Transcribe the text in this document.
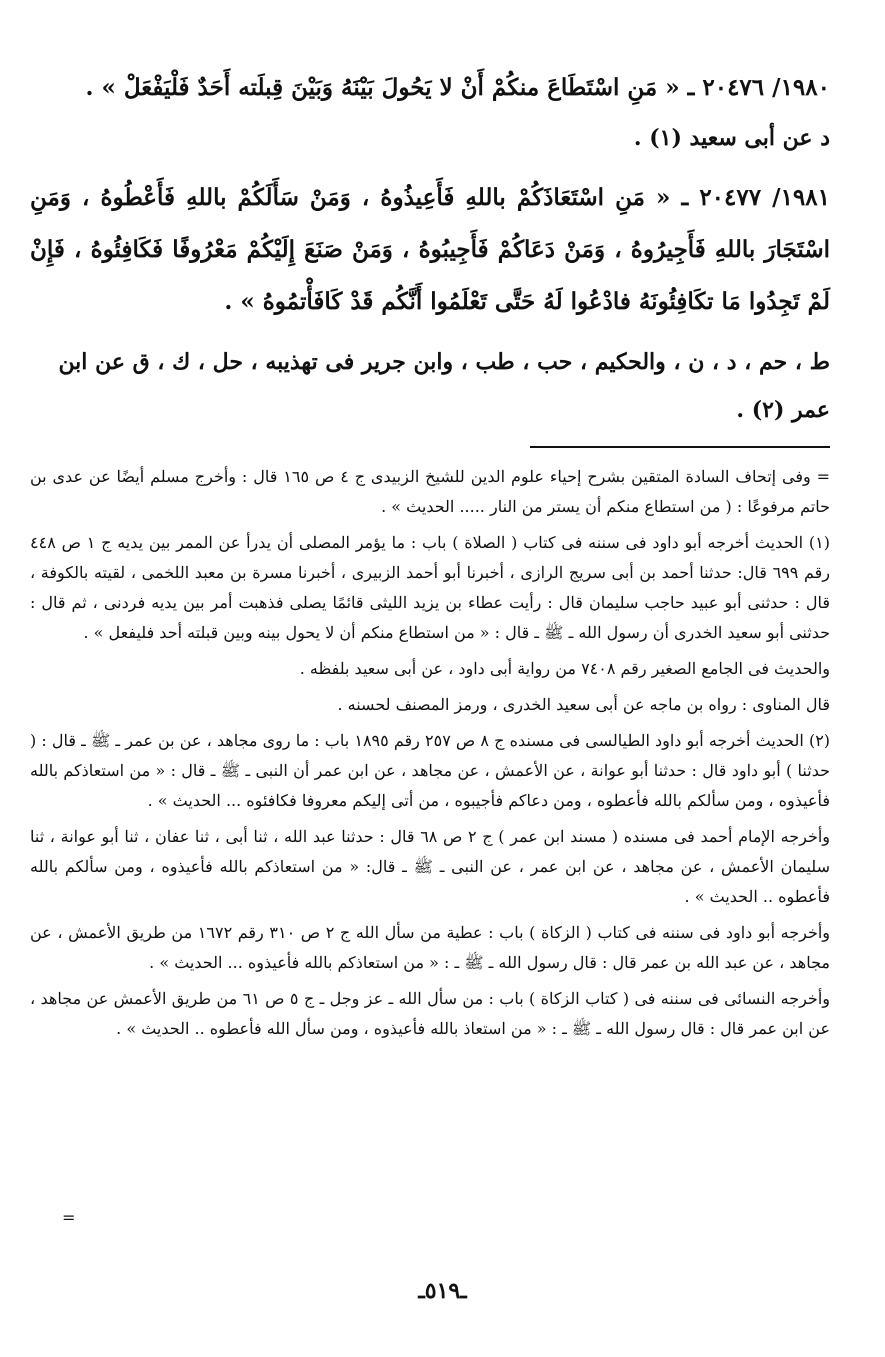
١٩٨٠/ ٢٠٤٧٦ ـ « مَنِ اسْتَطَاعَ منكُمْ أَنْ لا يَحُولَ بَيْنَهُ وَبَيْنَ قِبلَته أَحَدٌ فَلْيَفْعَلْ » .

د عن أبى سعيد (١) .

١٩٨١/ ٢٠٤٧٧ ـ « مَنِ اسْتَعَاذَكُمْ باللهِ فَأَعِيذُوهُ ، وَمَنْ سَأَلَكُمْ باللهِ فَأَعْطُوهُ ، وَمَنِ اسْتَجَارَ باللهِ فَأَجِيرُوهُ ، وَمَنْ دَعَاكُمْ فَأَجِيبُوهُ ، وَمَنْ صَنَعَ إِلَيْكُمْ مَعْرُوفًا فَكَافِئُوهُ ، فَإِنْ لَمْ تَجِدُوا مَا تكَافِئُونَهُ فادْعُوا لَهُ حَتَّى تَعْلَمُوا أَنَّكُم قَدْ كَافَأْتمُوهُ » .

ط ، حم ، د ، ن ، والحكيم ، حب ، طب ، وابن جرير فى تهذيبه ، حل ، ك ، ق عن ابن عمر (٢) .

= وفى إتحاف السادة المتقين بشرح إحياء علوم الدين للشيخ الزبيدى ج ٤ ص ١٦٥ قال : وأخرج مسلم أيضًا عن عدى بن حاتم مرفوعًا : ( من استطاع منكم أن يستر من النار ..... الحديث » .

(١) الحديث أخرجه أبو داود فى سننه فى كتاب ( الصلاة ) باب : ما يؤمر المصلى أن يدرأ عن الممر بين يديه ج ١ ص ٤٤٨ رقم ٦٩٩ قال: حدثنا أحمد بن أبى سريج الرازى ، أخبرنا أبو أحمد الزبيرى ، أخبرنا مسرة بن معبد اللخمى ، لقيته بالكوفة ، قال : حدثنى أبو عبيد حاجب سليمان قال : رأيت عطاء بن يزيد الليثى قائمًا يصلى فذهبت أمر بين يديه فردنى ، ثم قال : حدثنى أبو سعيد الخدرى أن رسول الله ـ ﷺ ـ قال : « من استطاع منكم أن لا يحول بينه وبين قبلته أحد فليفعل » .

والحديث فى الجامع الصغير رقم ٧٤٠٨ من رواية أبى داود ، عن أبى سعيد بلفظه .

قال المناوى : رواه بن ماجه عن أبى سعيد الخدرى ، ورمز المصنف لحسنه .

(٢) الحديث أخرجه أبو داود الطيالسى فى مسنده ج ٨ ص ٢٥٧ رقم ١٨٩٥ باب : ما روى مجاهد ، عن بن عمر ـ ﷺ ـ قال : ( حدثنا ) أبو داود قال : حدثنا أبو عوانة ، عن الأعمش ، عن مجاهد ، عن ابن عمر أن النبى ـ ﷺ ـ قال : « من استعاذكم بالله فأعيذوه ، ومن سألكم بالله فأعطوه ، ومن دعاكم فأجيبوه ، من أتى إليكم معروفا فكافئوه ... الحديث » .

وأخرجه الإمام أحمد فى مسنده ( مسند ابن عمر ) ج ٢ ص ٦٨ قال : حدثنا عبد الله ، ثنا أبى ، ثنا عفان ، ثنا أبو عوانة ، ثنا سليمان الأعمش ، عن مجاهد ، عن ابن عمر ، عن النبى ـ ﷺ ـ قال: « من استعاذكم بالله فأعيذوه ، ومن سألكم بالله فأعطوه .. الحديث » .

وأخرجه أبو داود فى سننه فى كتاب ( الزكاة ) باب : عطية من سأل الله ج ٢ ص ٣١٠ رقم ١٦٧٢ من طريق الأعمش ، عن مجاهد ، عن عبد الله بن عمر قال : قال رسول الله ـ ﷺ ـ : « من استعاذكم بالله فأعيذوه ... الحديث » .

وأخرجه النسائى فى سننه فى ( كتاب الزكاة ) باب : من سأل الله ـ عز وجل ـ ج ٥ ص ٦١ من طريق الأعمش عن مجاهد ، عن ابن عمر قال : قال رسول الله ـ ﷺ ـ : « من استعاذ بالله فأعيذوه ، ومن سأل الله فأعطوه .. الحديث » .

=
ـ٥١٩ـ
